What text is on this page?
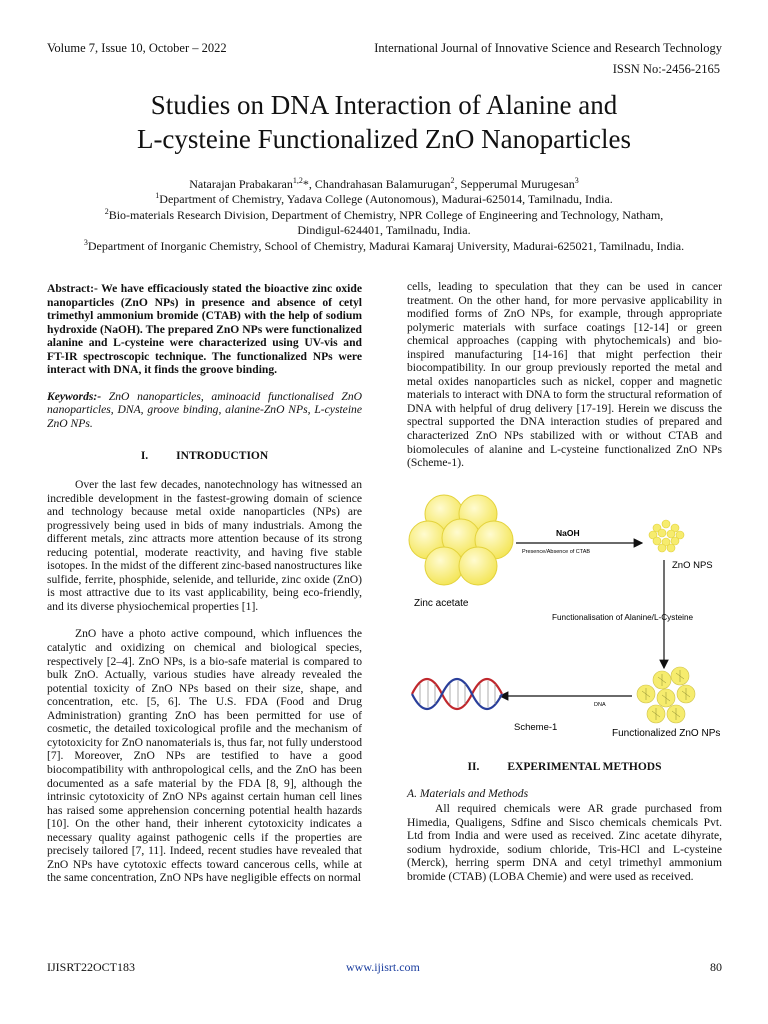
Volume 7, Issue 10, October – 2022	International Journal of Innovative Science and Research Technology
ISSN No:-2456-2165
Studies on DNA Interaction of Alanine and
L-cysteine Functionalized ZnO Nanoparticles
Natarajan Prabakaran$^{1,2}$*, Chandrahasan Balamurugan$^2$, Sepperumal Murugesan$^3$
$^1$Department of Chemistry, Yadava College (Autonomous), Madurai-625014, Tamilnadu, India.
$^2$Bio-materials Research Division, Department of Chemistry, NPR College of Engineering and Technology, Natham,
Dindigul-624401, Tamilnadu, India.
$^3$Department of Inorganic Chemistry, School of Chemistry, Madurai Kamaraj University, Madurai-625021, Tamilnadu, India.

Abstract:- We have efficaciously stated the bioactive zinc oxide nanoparticles (ZnO NPs) in presence and absence of cetyl trimethyl ammonium bromide (CTAB) with the help of sodium hydroxide (NaOH). The prepared ZnO NPs were functionalized alanine and L-cysteine were characterized using UV-vis and FT-IR spectroscopic technique. The functionalized NPs were interact with DNA, it finds the groove binding.

Keywords:- ZnO nanoparticles, aminoacid functionalised ZnO nanoparticles, DNA, groove binding, alanine-ZnO NPs, L-cysteine ZnO NPs.

I. INTRODUCTION

Over the last few decades, nanotechnology has witnessed an incredible development in the fastest-growing domain of science and technology because metal oxide nanoparticles (NPs) are progressively being used in bids of many industrials. Among the different metals, zinc attracts more attention because of its strong reducing potential, moderate reactivity, and having five stable isotopes. In the midst of the different zinc-based nanostructures like sulfide, ferrite, phosphide, selenide, and telluride, zinc oxide (ZnO) is most attractive due to its vast applicability, being eco-friendly, and its diverse physiochemical properties [1].

ZnO have a photo active compound, which influences the catalytic and oxidizing on chemical and biological species, respectively [2–4]. ZnO NPs, is a bio-safe material is compared to bulk ZnO. Actually, various studies have already revealed the potential toxicity of ZnO NPs based on their size, shape, and concentration, etc. [5, 6]. The U.S. FDA (Food and Drug Administration) granting ZnO has been permitted for use of cosmetic, the detailed toxicological profile and the mechanism of cytotoxicity for ZnO nanomaterials is, thus far, not fully understood [7]. Moreover, ZnO NPs are testified to have a good biocompatibility with anthropological cells, and the ZnO has been documented as a safe material by the FDA [8, 9], although the intrinsic cytotoxicity of ZnO NPs against certain human cell lines has raised some apprehension concerning potential health hazards [10]. On the other hand, their inherent cytotoxicity indicates a necessary quality against pathogenic cells if the properties are precisely tailored [7, 11]. Indeed, recent studies have revealed that ZnO NPs have cytotoxic effects toward cancerous cells, while at the same concentration, ZnO NPs have negligible effects on normal

cells, leading to speculation that they can be used in cancer treatment. On the other hand, for more pervasive applicability in modified forms of ZnO NPs, for example, through appropriate polymeric materials with surface coatings [12-14] or green chemical approaches (capping with phytochemicals) and bio-inspired manufacturing [14-16] that might perfection their biocompatibility. In our group previously reported the metal and metal oxides nanoparticles such as nickel, copper and magnetic materials to interact with DNA to form the structural reformation of DNA with helpful of drug delivery [17-19]. Herein we discuss the spectral supported the DNA interaction studies of prepared and characterized ZnO NPs stabilized with or without CTAB and biomolecules of alanine and L-cysteine functionalized ZnO NPs (Scheme-1).

Zinc acetate
NaOH
Presence/Absence of CTAB
ZnO NPS
Functionalisation of Alanine/L-Cysteine
Functionalized ZnO NPs
DNA
Scheme-1
II. EXPERIMENTAL METHODS
A. Materials and Methods

All required chemicals were AR grade purchased from Himedia, Qualigens, Sdfine and Sisco chemicals chemicals Pvt. Ltd from India and were used as received. Zinc acetate dihyrate, sodium hydroxide, sodium chloride, Tris-HCl and L-cysteine (Merck), herring sperm DNA and cetyl trimethyl ammonium bromide (CTAB) (LOBA Chemie) and were used as received.

IJISRT22OCT183	www.ijisrt.com	80
